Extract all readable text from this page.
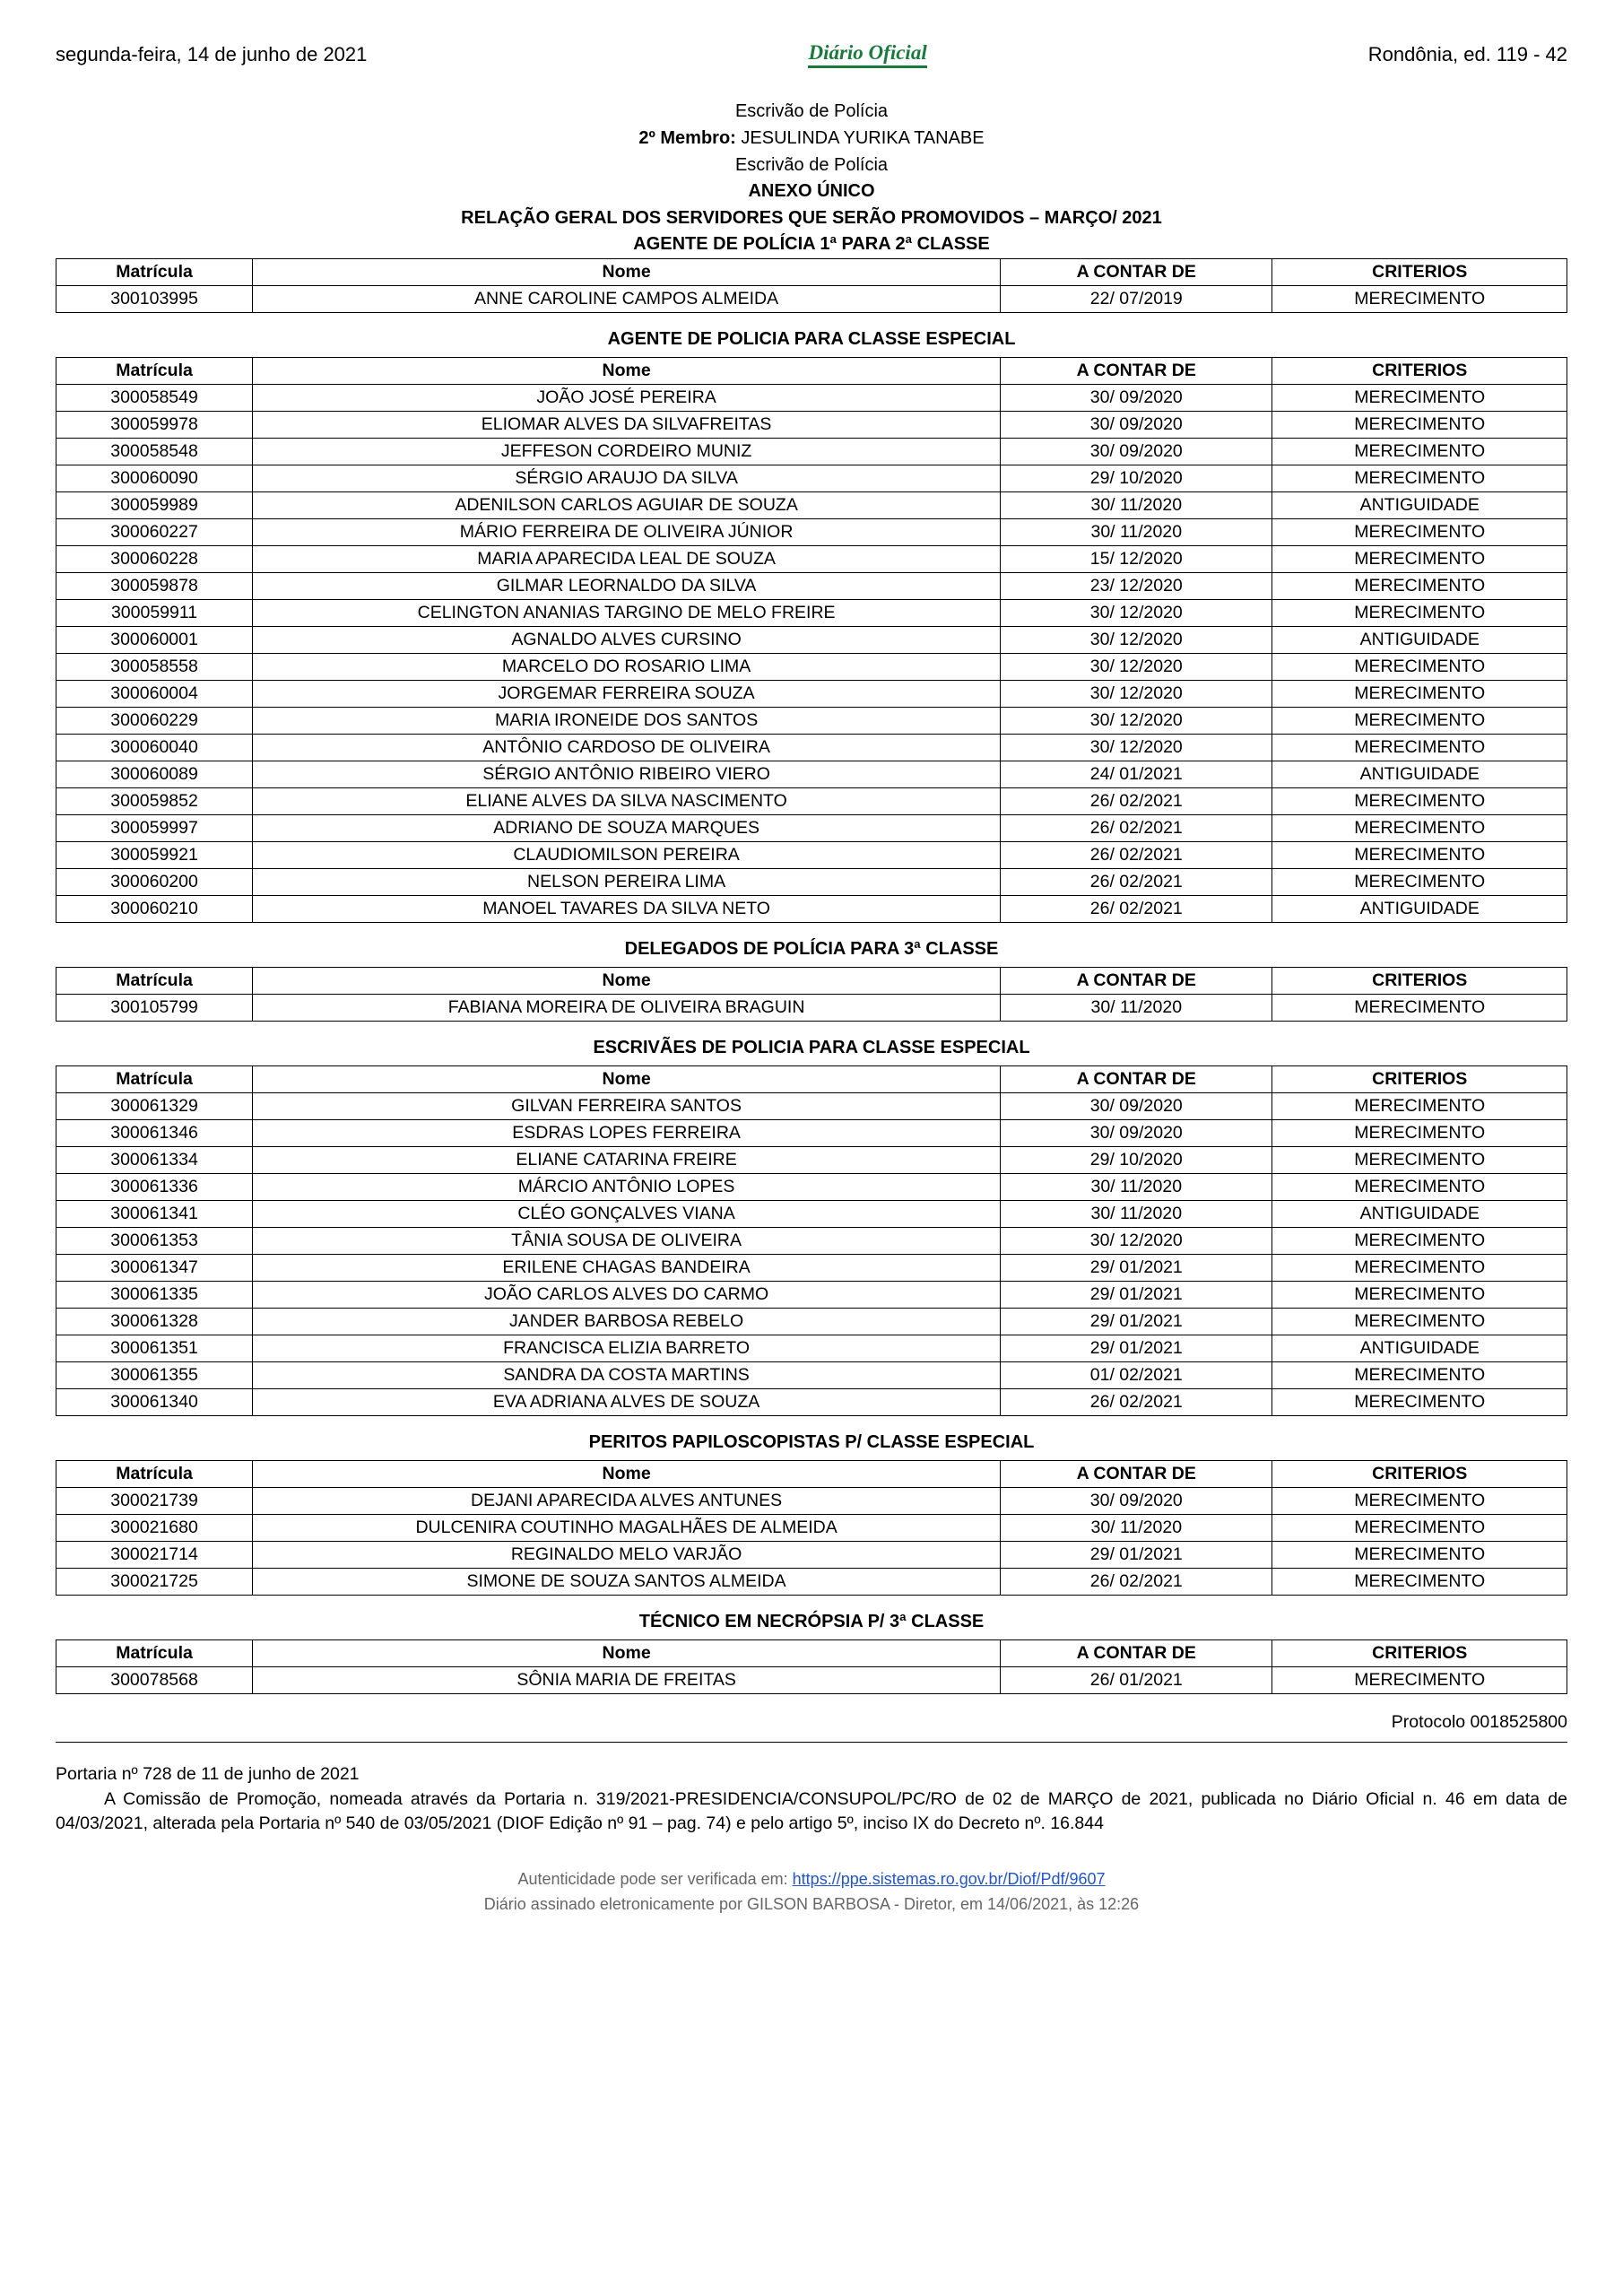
segunda-feira, 14 de junho de 2021	Diário Oficial	Rondônia, ed. 119 - 42
Escrivão de Polícia
2º Membro: JESULINDA YURIKA TANABE
Escrivão de Polícia
ANEXO ÚNICO
RELAÇÃO GERAL DOS SERVIDORES QUE SERÃO PROMOVIDOS – MARÇO/ 2021
AGENTE DE POLÍCIA 1ª PARA 2ª CLASSE
Matrícula	Nome	A CONTAR DE	CRITERIOS
300103995	ANNE CAROLINE CAMPOS ALMEIDA	22/ 07/2019	MERECIMENTO
AGENTE DE POLICIA PARA CLASSE ESPECIAL
Matrícula	Nome	A CONTAR DE	CRITERIOS
300058549	JOÃO JOSÉ PEREIRA	30/ 09/2020	MERECIMENTO
300059978	ELIOMAR ALVES DA SILVAFREITAS	30/ 09/2020	MERECIMENTO
300058548	JEFFESON CORDEIRO MUNIZ	30/ 09/2020	MERECIMENTO
300060090	SÉRGIO ARAUJO DA SILVA	29/ 10/2020	MERECIMENTO
300059989	ADENILSON CARLOS AGUIAR DE SOUZA	30/ 11/2020	ANTIGUIDADE
300060227	MÁRIO FERREIRA DE OLIVEIRA JÚNIOR	30/ 11/2020	MERECIMENTO
300060228	MARIA APARECIDA LEAL DE SOUZA	15/ 12/2020	MERECIMENTO
300059878	GILMAR LEORNALDO DA SILVA	23/ 12/2020	MERECIMENTO
300059911	CELINGTON ANANIAS TARGINO DE MELO FREIRE	30/ 12/2020	MERECIMENTO
300060001	AGNALDO ALVES CURSINO	30/ 12/2020	ANTIGUIDADE
300058558	MARCELO DO ROSARIO LIMA	30/ 12/2020	MERECIMENTO
300060004	JORGEMAR FERREIRA SOUZA	30/ 12/2020	MERECIMENTO
300060229	MARIA IRONEIDE DOS SANTOS	30/ 12/2020	MERECIMENTO
300060040	ANTÔNIO CARDOSO DE OLIVEIRA	30/ 12/2020	MERECIMENTO
300060089	SÉRGIO ANTÔNIO RIBEIRO VIERO	24/ 01/2021	ANTIGUIDADE
300059852	ELIANE ALVES DA SILVA NASCIMENTO	26/ 02/2021	MERECIMENTO
300059997	ADRIANO DE SOUZA MARQUES	26/ 02/2021	MERECIMENTO
300059921	CLAUDIOMILSON PEREIRA	26/ 02/2021	MERECIMENTO
300060200	NELSON PEREIRA LIMA	26/ 02/2021	MERECIMENTO
300060210	MANOEL TAVARES DA SILVA NETO	26/ 02/2021	ANTIGUIDADE
DELEGADOS DE POLÍCIA PARA 3ª CLASSE
Matrícula	Nome	A CONTAR DE	CRITERIOS
300105799	FABIANA MOREIRA DE OLIVEIRA BRAGUIN	30/ 11/2020	MERECIMENTO
ESCRIVÃES DE POLICIA PARA CLASSE ESPECIAL
Matrícula	Nome	A CONTAR DE	CRITERIOS
300061329	GILVAN FERREIRA SANTOS	30/ 09/2020	MERECIMENTO
300061346	ESDRAS LOPES FERREIRA	30/ 09/2020	MERECIMENTO
300061334	ELIANE CATARINA FREIRE	29/ 10/2020	MERECIMENTO
300061336	MÁRCIO ANTÔNIO LOPES	30/ 11/2020	MERECIMENTO
300061341	CLÉO GONÇALVES VIANA	30/ 11/2020	ANTIGUIDADE
300061353	TÂNIA SOUSA DE OLIVEIRA	30/ 12/2020	MERECIMENTO
300061347	ERILENE CHAGAS BANDEIRA	29/ 01/2021	MERECIMENTO
300061335	JOÃO CARLOS ALVES DO CARMO	29/ 01/2021	MERECIMENTO
300061328	JANDER BARBOSA REBELO	29/ 01/2021	MERECIMENTO
300061351	FRANCISCA ELIZIA BARRETO	29/ 01/2021	ANTIGUIDADE
300061355	SANDRA DA COSTA MARTINS	01/ 02/2021	MERECIMENTO
300061340	EVA ADRIANA ALVES DE SOUZA	26/ 02/2021	MERECIMENTO
PERITOS PAPILOSCOPISTAS P/ CLASSE ESPECIAL
Matrícula	Nome	A CONTAR DE	CRITERIOS
300021739	DEJANI APARECIDA ALVES ANTUNES	30/ 09/2020	MERECIMENTO
300021680	DULCENIRA COUTINHO MAGALHÃES DE ALMEIDA	30/ 11/2020	MERECIMENTO
300021714	REGINALDO MELO VARJÃO	29/ 01/2021	MERECIMENTO
300021725	SIMONE DE SOUZA SANTOS ALMEIDA	26/ 02/2021	MERECIMENTO
TÉCNICO EM NECRÓPSIA P/ 3ª CLASSE
Matrícula	Nome	A CONTAR DE	CRITERIOS
300078568	SÔNIA MARIA DE FREITAS	26/ 01/2021	MERECIMENTO
Protocolo 0018525800
Portaria nº 728 de 11 de junho de 2021
A Comissão de Promoção, nomeada através da Portaria n. 319/2021-PRESIDENCIA/CONSUPOL/PC/RO de 02 de MARÇO de 2021, publicada no Diário Oficial n. 46 em data de 04/03/2021, alterada pela Portaria nº 540 de 03/05/2021 (DIOF Edição nº 91 – pag. 74) e pelo artigo 5º, inciso IX do Decreto nº. 16.844
Autenticidade pode ser verificada em: https://ppe.sistemas.ro.gov.br/Diof/Pdf/9607
Diário assinado eletronicamente por GILSON BARBOSA - Diretor, em 14/06/2021, às 12:26
